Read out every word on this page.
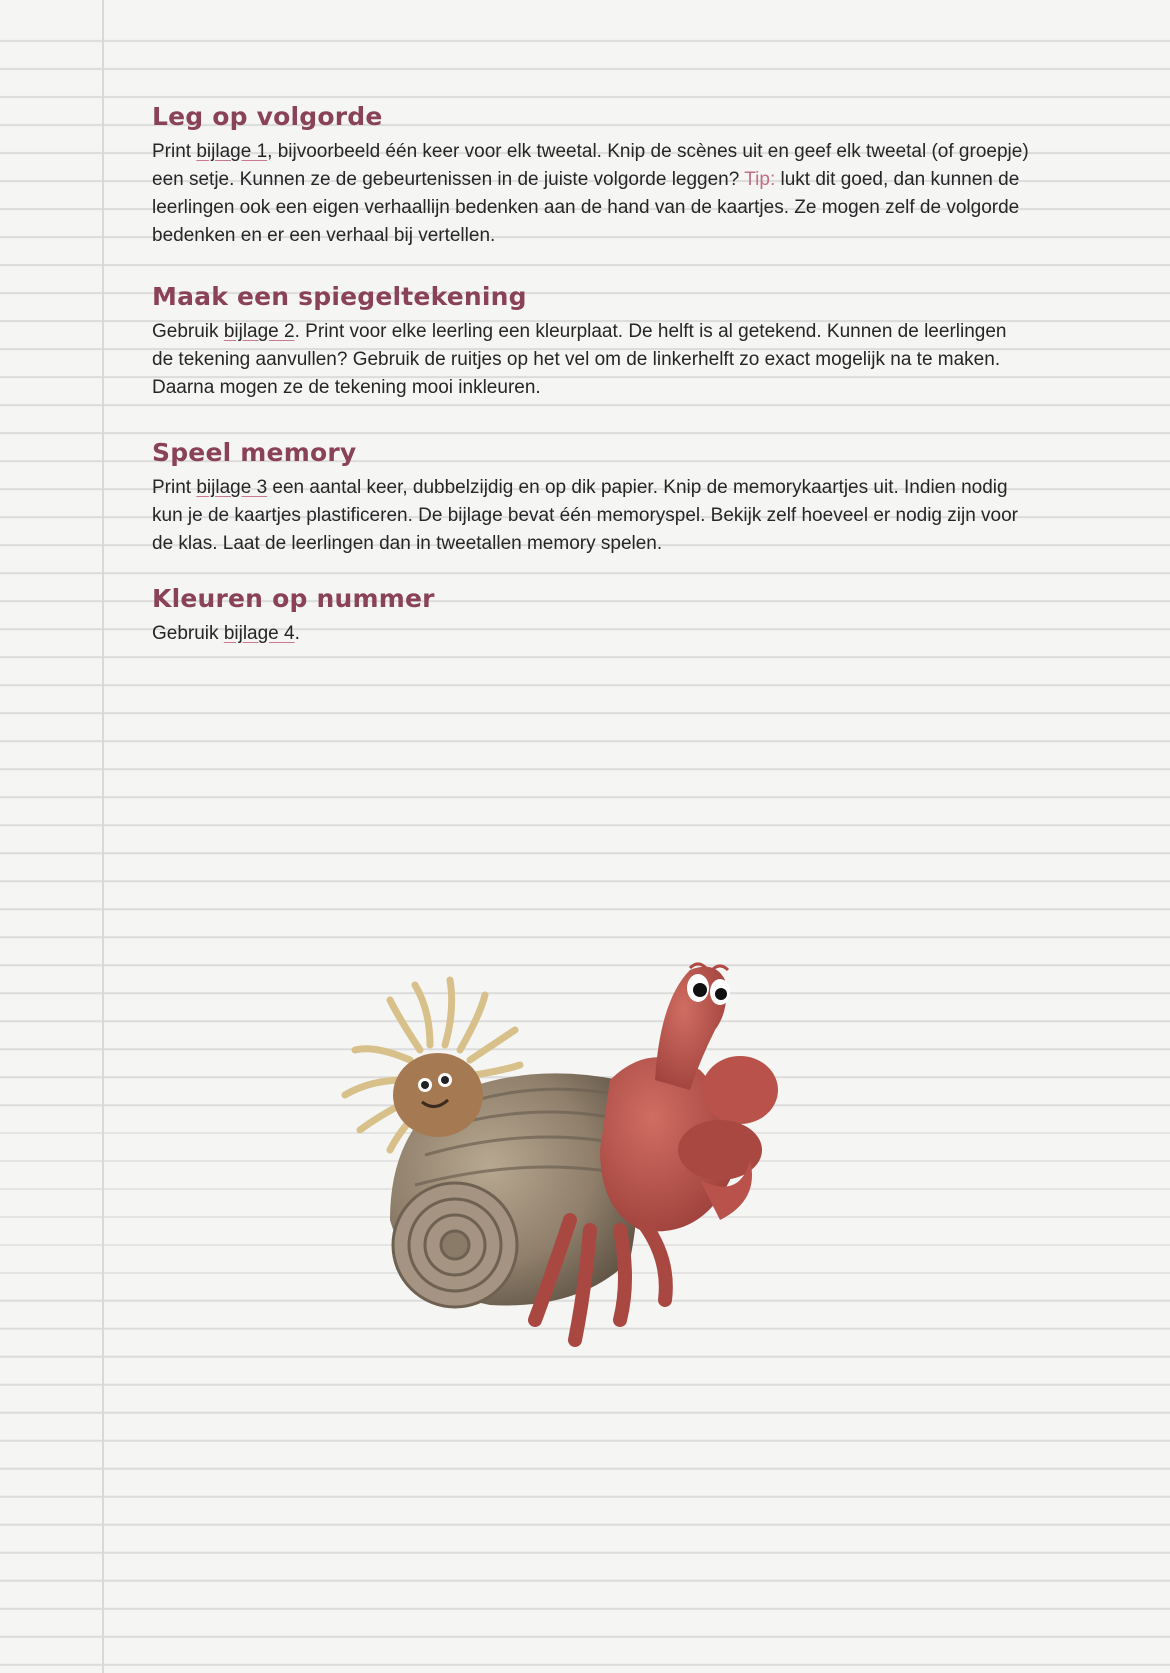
Leg op volgorde

Print bijlage 1, bijvoorbeeld één keer voor elk tweetal. Knip de scènes uit en geef elk tweetal (of groepje) een setje. Kunnen ze de gebeurtenissen in de juiste volgorde leggen? Tip: lukt dit goed, dan kunnen de leerlingen ook een eigen verhaallijn bedenken aan de hand van de kaartjes. Ze mogen zelf de volgorde bedenken en er een verhaal bij vertellen.

Maak een spiegeltekening

Gebruik bijlage 2. Print voor elke leerling een kleurplaat. De helft is al getekend. Kunnen de leerlingen de tekening aanvullen? Gebruik de ruitjes op het vel om de linkerhelft zo exact mogelijk na te maken. Daarna mogen ze de tekening mooi inkleuren.

Speel memory

Print bijlage 3 een aantal keer, dubbelzijdig en op dik papier. Knip de memorykaartjes uit. Indien nodig kun je de kaartjes plastificeren. De bijlage bevat één memoryspel. Bekijk zelf hoeveel er nodig zijn voor de klas. Laat de leerlingen dan in tweetallen memory spelen.

Kleuren op nummer

Gebruik bijlage 4.
